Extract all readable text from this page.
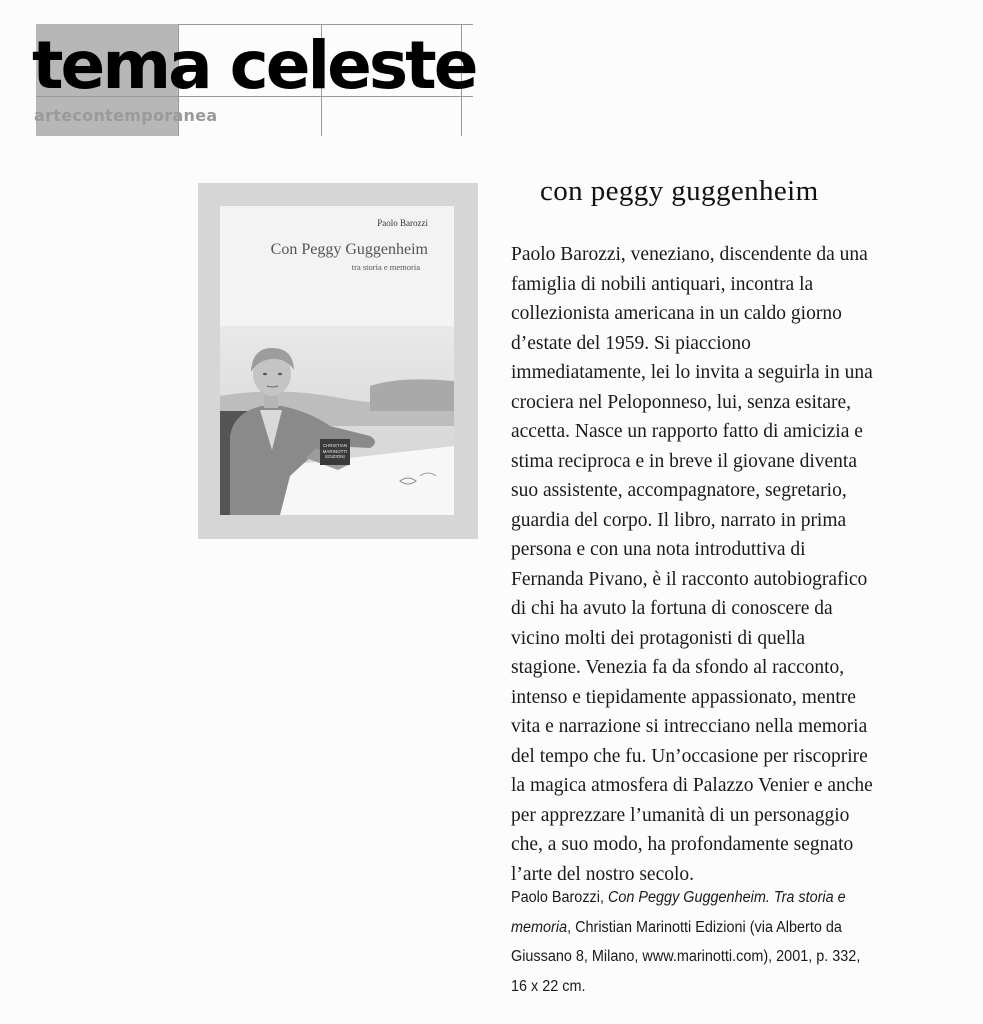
tema celeste
artecontemporanea
Paolo Barozzi
Con Peggy Guggenheim
tra storia e memoria
CHRISTIAN
MARINOTTI
EDIZIONI
con peggy guggenheim
Paolo Barozzi, veneziano, discendente da una
famiglia di nobili antiquari, incontra la
collezionista americana in un caldo giorno
d’estate del 1959. Si piacciono
immediatamente, lei lo invita a seguirla in una
crociera nel Peloponneso, lui, senza esitare,
accetta. Nasce un rapporto fatto di amicizia e
stima reciproca e in breve il giovane diventa
suo assistente, accompagnatore, segretario,
guardia del corpo. Il libro, narrato in prima
persona e con una nota introduttiva di
Fernanda Pivano, è il racconto autobiografico
di chi ha avuto la fortuna di conoscere da
vicino molti dei protagonisti di quella
stagione. Venezia fa da sfondo al racconto,
intenso e tiepidamente appassionato, mentre
vita e narrazione si intrecciano nella memoria
del tempo che fu. Un’occasione per riscoprire
la magica atmosfera di Palazzo Venier e anche
per apprezzare l’umanità di un personaggio
che, a suo modo, ha profondamente segnato
l’arte del nostro secolo.
Paolo Barozzi, Con Peggy Guggenheim. Tra storia e
memoria, Christian Marinotti Edizioni (via Alberto da
Giussano 8, Milano, www.marinotti.com), 2001, p. 332,
16 x 22 cm.
